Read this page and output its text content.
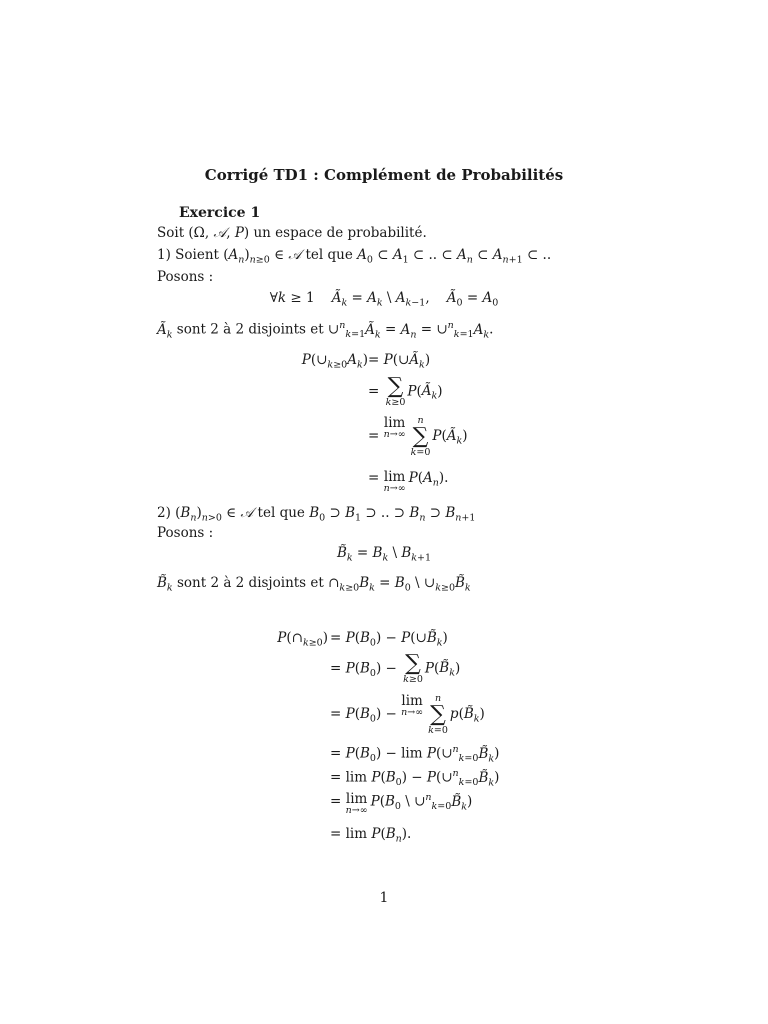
Corrigé TD1 : Complément de Probabilités
Exercice 1
Soit (Ω, 𝒜, P) un espace de probabilité.
1) Soient $(A_n)_{n\ge 0}$ ∈ 𝒜 tel que $A_0$ ⊂ $A_1$ ⊂ .. ⊂ $A_n$ ⊂ $A_{n+1}$ ⊂ ..
Posons :
∀k ≥ 1    $Ã_k = A_k$ \ $A_{k-1}$,    $Ã_0 = A_0$
$Ã_k$ sont 2 à 2 disjoints et $\cup^n_{k=1}Ã_k = A_n$ = $\cup^n_{k=1}A_k$.
$P(\cup_{k\ge 0}A_k)$ = $P(\cup Ã_k)$
= ∑
k≥0
$P(Ã_k)$
= lim
n→∞
n
∑
k=0
$P(Ã_k)$
= lim
n→∞
$P(A_n)$.
2) $(B_n)_{n>0}$ ∈ 𝒜 tel que $B_0$ ⊃ $B_1$ ⊃ .. ⊃ $B_n$ ⊃ $B_{n+1}$
Posons :
$B̃_k = B_k$ \ $B_{k+1}$
$B̃_k$ sont 2 à 2 disjoints et $\cap_{k\ge 0}B_k = B_0$ \ $\cup_{k\ge 0}B̃_k$
$P(\cap_{k\ge 0}) = P(B_0)$ − $P(\cup B̃_k)$
= $P(B_0)$ − ∑
k≥0
$P(B̃_k)$
= $P(B_0) - \lim$
n→∞
n
∑
k=0
$p(B̃_k)$
= $P(B_0) - \lim$ $P(\cup^n_{k=0}B̃_k)$
= $\lim P(B_0)$ − $P(\cup^n_{k=0}B̃_k)$
= lim
n→∞
$P(B_0$ \ $\cup^n_{k=0}B̃_k$)
= $\lim P(B_n)$.
1
